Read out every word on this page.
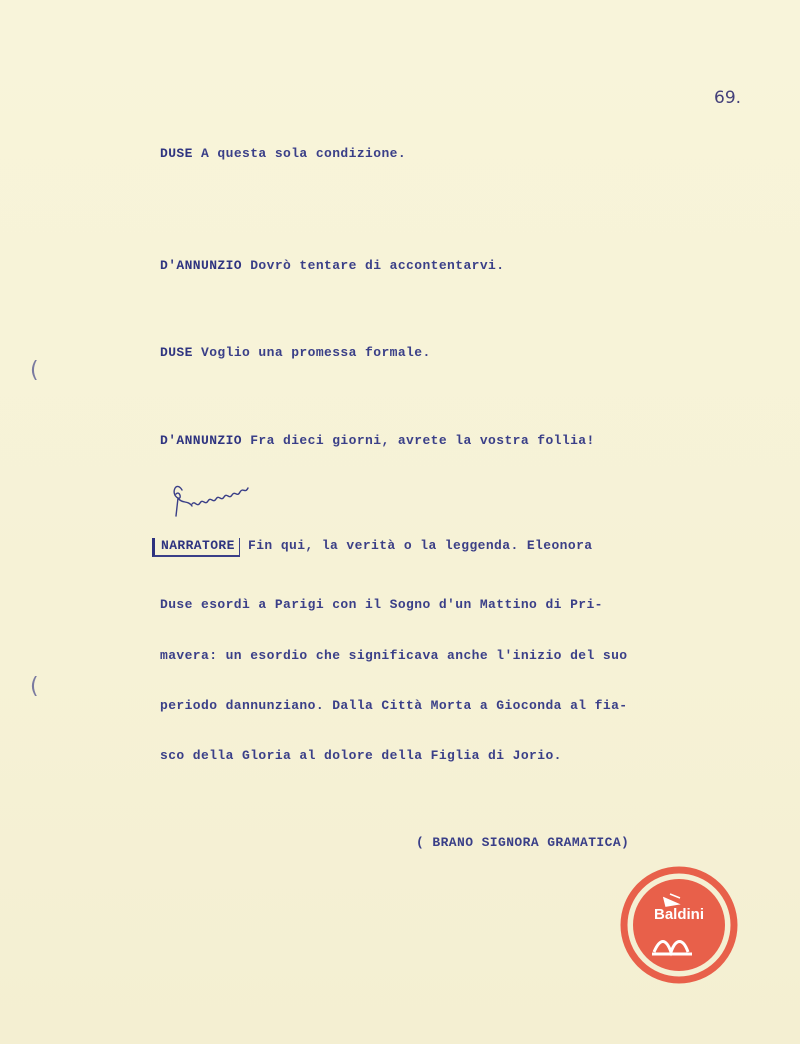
69.
DUSE A questa sola condizione.
D'ANNUNZIO Dovrò tentare di accontentarvi.
DUSE Voglio una promessa formale.
D'ANNUNZIO Fra dieci giorni, avrete la vostra follia!
NARRATORE Fin qui, la verità o la leggenda. Eleonora
Duse esordì a Parigi con il Sogno d'un Mattino di Pri-
mavera: un esordio che significava anche l'inizio del suo
periodo dannunziano. Dalla Città Morta a Gioconda al fia-
sco della Gloria al dolore della Figlia di Jorio.
( BRANO SIGNORA GRAMATICA)
(
(
Baldini
